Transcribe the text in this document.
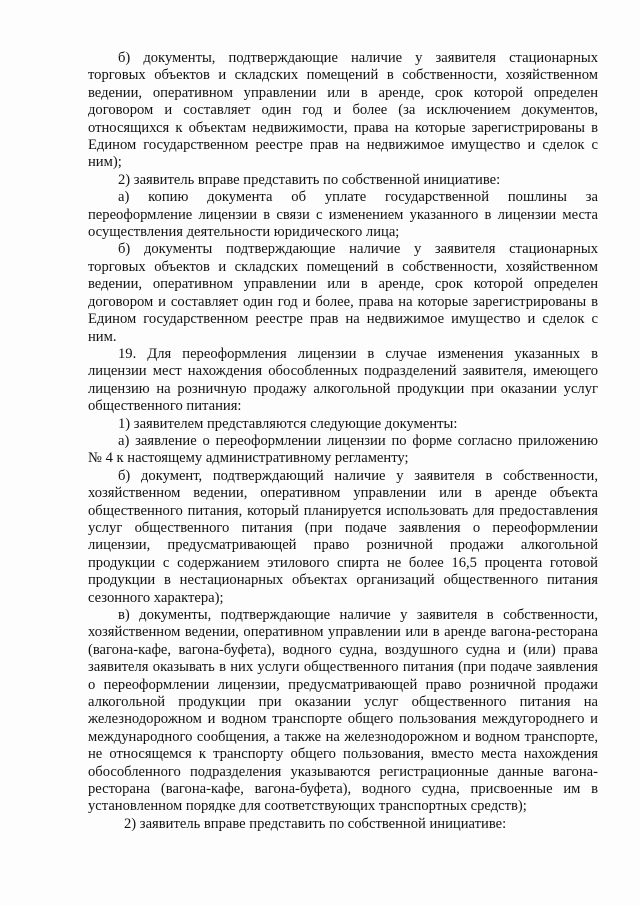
б) документы, подтверждающие наличие у заявителя стационарных торговых объектов и складских помещений в собственности, хозяйственном ведении, оперативном управлении или в аренде, срок которой определен договором и составляет один год и более (за исключением документов, относящихся к объектам недвижимости, права на которые зарегистрированы в Едином государственном реестре прав на недвижимое имущество и сделок с ним);

2) заявитель вправе представить по собственной инициативе:

а) копию документа об уплате государственной пошлины за переоформление лицензии в связи с изменением указанного в лицензии места осуществления деятельности юридического лица;

б) документы подтверждающие наличие у заявителя стационарных торговых объектов и складских помещений в собственности, хозяйственном ведении, оперативном управлении или в аренде, срок которой определен договором и составляет один год и более, права на которые зарегистрированы в Едином государственном реестре прав на недвижимое имущество и сделок с ним.

19. Для переоформления лицензии в случае изменения указанных в лицензии мест нахождения обособленных подразделений заявителя, имеющего лицензию на розничную продажу алкогольной продукции при оказании услуг общественного питания:

1) заявителем представляются следующие документы:

а) заявление о переоформлении лицензии по форме согласно приложению № 4 к настоящему административному регламенту;

б) документ, подтверждающий наличие у заявителя в собственности, хозяйственном ведении, оперативном управлении или в аренде объекта общественного питания, который планируется использовать для предоставления услуг общественного питания (при подаче заявления о переоформлении лицензии, предусматривающей право розничной продажи алкогольной продукции с содержанием этилового спирта не более 16,5 процента готовой продукции в нестационарных объектах организаций общественного питания сезонного характера);

в) документы, подтверждающие наличие у заявителя в собственности, хозяйственном ведении, оперативном управлении или в аренде вагона-ресторана (вагона-кафе, вагона-буфета), водного судна, воздушного судна и (или) права заявителя оказывать в них услуги общественного питания (при подаче заявления о переоформлении лицензии, предусматривающей право розничной продажи алкогольной продукции при оказании услуг общественного питания на железнодорожном и водном транспорте общего пользования междугороднего и международного сообщения, а также на железнодорожном и водном транспорте, не относящемся к транспорту общего пользования, вместо места нахождения обособленного подразделения указываются регистрационные данные вагона-ресторана (вагона-кафе, вагона-буфета), водного судна, присвоенные им в установленном порядке для соответствующих транспортных средств);

2) заявитель вправе представить по собственной инициативе:
